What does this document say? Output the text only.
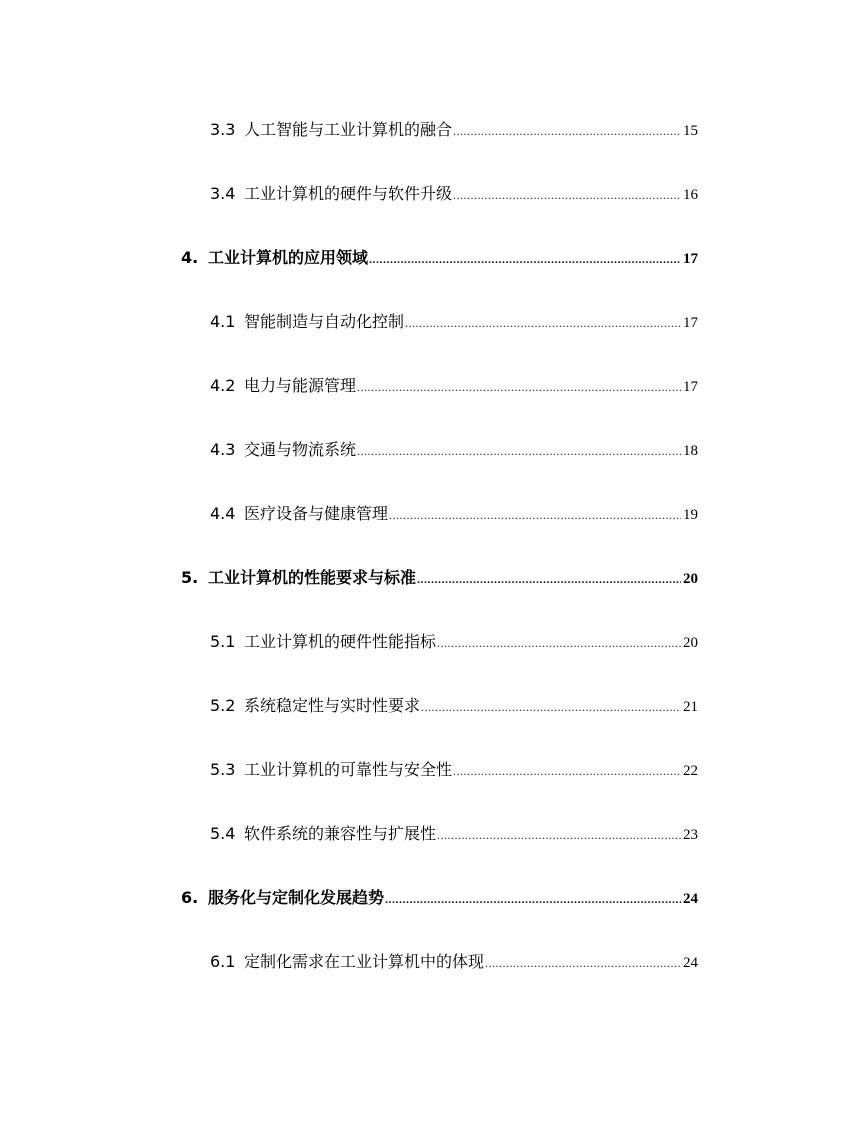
3.3 人工智能与工业计算机的融合 .....	15
3.4 工业计算机的硬件与软件升级 .....	16
4. 工业计算机的应用领域 .....	17
4.1 智能制造与自动化控制 .....	17
4.2 电力与能源管理 .....	17
4.3 交通与物流系统 .....	18
4.4 医疗设备与健康管理 .....	19
5. 工业计算机的性能要求与标准 .....	20
5.1 工业计算机的硬件性能指标 .....	20
5.2 系统稳定性与实时性要求 .....	21
5.3 工业计算机的可靠性与安全性 .....	22
5.4 软件系统的兼容性与扩展性 .....	23
6. 服务化与定制化发展趋势 .....	24
6.1 定制化需求在工业计算机中的体现 .....	24
